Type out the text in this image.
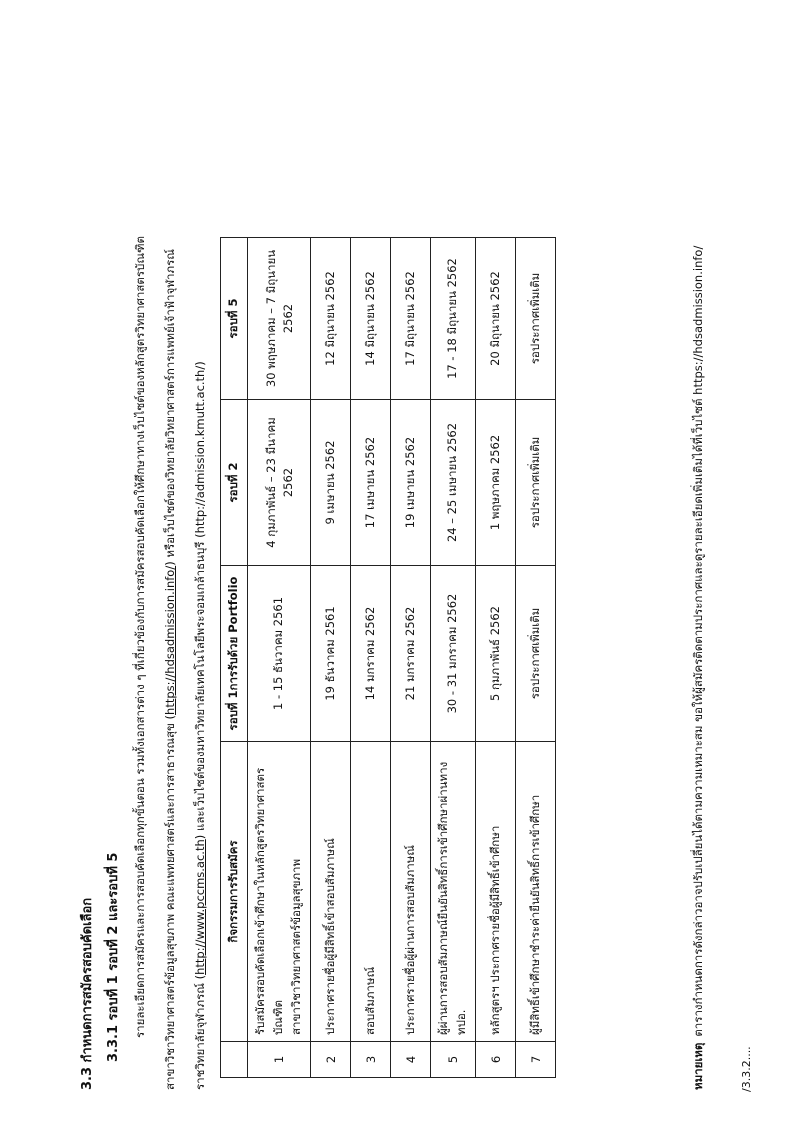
/3.3.2....
3.3 กำหนดการสมัครสอบคัดเลือก 3.3.1 รอบที่ 1 รอบที่ 2 และรอบที่ 5 รายละเอียดการสมัครและการสอบคัดเลือกทุกขั้นตอน รวมทั้งเอกสารต่าง ๆ ที่เกี่ยวข้องกับการสมัครสอบคัดเลือกให้ศึกษาทางเว็บไซต์ของหลักสูตรวิทยาศาสตรบัณฑิต สาขาวิชาวิทยาศาสตร์ข้อมูลสุขภาพ คณะแพทยศาสตร์และการสาธารณสุข (https://hdsadmission.info/) หรือเว็บไซต์ของวิทยาลัยวิทยาศาสตร์การแพทย์เจ้าฟ้าจุฬาภรณ์
ราชวิทยาลัยจุฬาภรณ์ (http://www.pccms.ac.th) และเว็บไซต์ของมหาวิทยาลัยเทคโนโลยีพระจอมเกล้าธนบุรี (http://admission.kmutt.ac.th/)
	กิจกรรมการรับสมัคร	รอบที่ 1การรับด้วย Portfolio	รอบที่ 2	รอบที่ 5
1	รับสมัครสอบคัดเลือกเข้าศึกษาในหลักสูตรวิทยาศาสตรบัณฑิต สาขาวิชาวิทยาศาสตร์ข้อมูลสุขภาพ	1 - 15 ธันวาคม 2561	4 กุมภาพันธ์ – 23 มีนาคม 2562	30 พฤษภาคม – 7 มิถุนายน 2562
2	ประกาศรายชื่อผู้มีสิทธิ์เข้าสอบสัมภาษณ์	19 ธันวาคม 2561	9 เมษายน 2562	12 มิถุนายน 2562
3	สอบสัมภาษณ์	14 มกราคม 2562	17 เมษายน 2562	14 มิถุนายน 2562
4	ประกาศรายชื่อผู้ผ่านการสอบสัมภาษณ์	21 มกราคม 2562	19 เมษายน 2562	17 มิถุนายน 2562
5	ผู้ผ่านการสอบสัมภาษณ์ยืนยันสิทธิ์การเข้าศึกษาผ่านทาง ทปอ.	30 - 31 มกราคม 2562	24 – 25 เมษายน 2562	17 - 18 มิถุนายน 2562
6	หลักสูตรฯ ประกาศรายชื่อผู้มีสิทธิ์เข้าศึกษา	5 กุมภาพันธ์ 2562	1 พฤษภาคม 2562	20 มิถุนายน 2562
7	ผู้มีสิทธิ์เข้าศึกษาชำระค่ายืนยันสิทธิ์การเข้าศึกษา	รอประกาศเพิ่มเติม	รอประกาศเพิ่มเติม	รอประกาศเพิ่มเติม
หมายเหตุตารางกำหนดการดังกล่าวอาจปรับเปลี่ยนได้ตามความเหมาะสม ขอให้ผู้สมัครติดตามประกาศและดูรายละเอียดเพิ่มเติมได้ที่เว็บไซต์ https://hdsadmission.info/
